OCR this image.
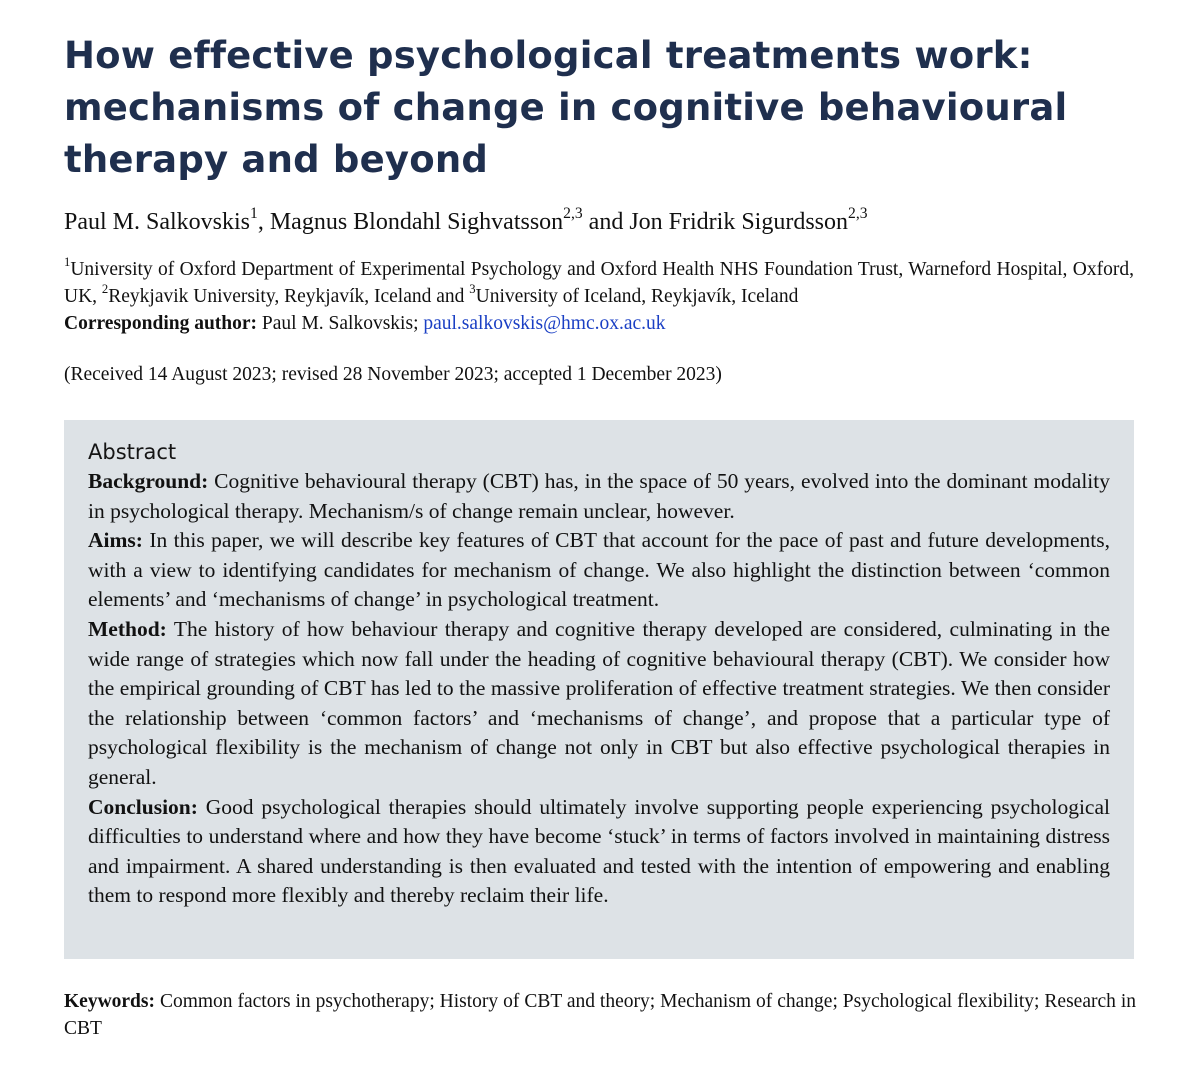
How effective psychological treatments work:
mechanisms of change in cognitive behavioural
therapy and beyond
Paul M. Salkovskis$^1$, Magnus Blondahl Sighvatsson$^{2,3}$ and Jon Fridrik Sigurdsson$^{2,3}$
$^1$University of Oxford Department of Experimental Psychology and Oxford Health NHS Foundation Trust, Warneford Hospital, Oxford, UK, $^2$Reykjavik University, Reykjavík, Iceland and $^3$University of Iceland, Reykjavík, Iceland
Corresponding author: Paul M. Salkovskis; paul.salkovskis@hmc.ox.ac.uk
(Received 14 August 2023; revised 28 November 2023; accepted 1 December 2023)
Abstract

Background: Cognitive behavioural therapy (CBT) has, in the space of 50 years, evolved into the dominant modality in psychological therapy. Mechanism/s of change remain unclear, however.

Aims: In this paper, we will describe key features of CBT that account for the pace of past and future developments, with a view to identifying candidates for mechanism of change. We also highlight the distinction between ‘common elements’ and ‘mechanisms of change’ in psychological treatment.

Method: The history of how behaviour therapy and cognitive therapy developed are considered, culminating in the wide range of strategies which now fall under the heading of cognitive behavioural therapy (CBT). We consider how the empirical grounding of CBT has led to the massive proliferation of effective treatment strategies. We then consider the relationship between ‘common factors’ and ‘mechanisms of change’, and propose that a particular type of psychological flexibility is the mechanism of change not only in CBT but also effective psychological therapies in general.

Conclusion: Good psychological therapies should ultimately involve supporting people experiencing psychological difficulties to understand where and how they have become ‘stuck’ in terms of factors involved in maintaining distress and impairment. A shared understanding is then evaluated and tested with the intention of empowering and enabling them to respond more flexibly and thereby reclaim their life.

Keywords: Common factors in psychotherapy; History of CBT and theory; Mechanism of change; Psychological flexibility; Research in CBT
